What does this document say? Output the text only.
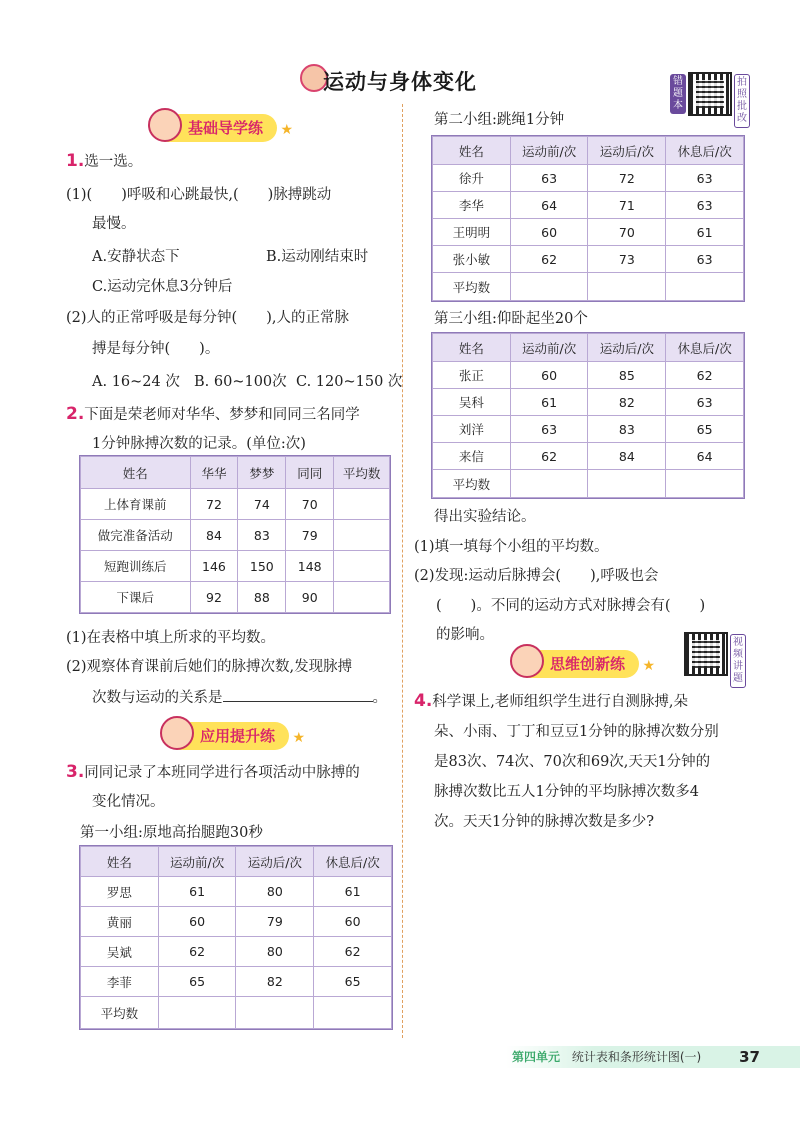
运动与身体变化	错题本
拍照批改
基础导学练 ★
1.选一选。
(1)(　　)呼吸和心跳最快,(　　)脉搏跳动
最慢。
A.安静状态下	B.运动刚结束时
C.运动完休息3分钟后
(2)人的正常呼吸是每分钟(　　),人的正常脉
搏是每分钟(　　)。
A. 16~24 次 B. 60~100次 C. 120~150 次
2.下面是荣老师对华华、梦梦和同同三名同学
1分钟脉搏次数的记录。(单位:次)
姓名	华华	梦梦	同同	平均数
上体育课前	72	74	70	
做完准备活动	84	83	79	
短跑训练后	146	150	148	
下课后	92	88	90	
(1)在表格中填上所求的平均数。
(2)观察体育课前后她们的脉搏次数,发现脉搏
次数与运动的关系是	。
应用提升练 ★
3.同同记录了本班同学进行各项活动中脉搏的
变化情况。
第一小组:原地高抬腿跑30秒
姓名	运动前/次	运动后/次	休息后/次
罗思	61	80	61
黄丽	60	79	60
吴斌	62	80	62
李菲	65	82	65
平均数			
第二小组:跳绳1分钟
姓名	运动前/次	运动后/次	休息后/次
徐升	63	72	63
李华	64	71	63
王明明	60	70	61
张小敏	62	73	63
平均数			
第三小组:仰卧起坐20个
姓名	运动前/次	运动后/次	休息后/次
张正	60	85	62
吴科	61	82	63
刘洋	63	83	65
来信	62	84	64
平均数			
得出实验结论。
(1)填一填每个小组的平均数。
(2)发现:运动后脉搏会(　　),呼吸也会
(　　)。不同的运动方式对脉搏会有(　　)
的影响。	视频讲题
思维创新练 ★
4.科学课上,老师组织学生进行自测脉搏,朵
朵、小雨、丁丁和豆豆1分钟的脉搏次数分别
是83次、74次、70次和69次,天天1分钟的
脉搏次数比五人1分钟的平均脉搏次数多4
次。天天1分钟的脉搏次数是多少?
第四单元 统计表和条形统计图(一)	37
